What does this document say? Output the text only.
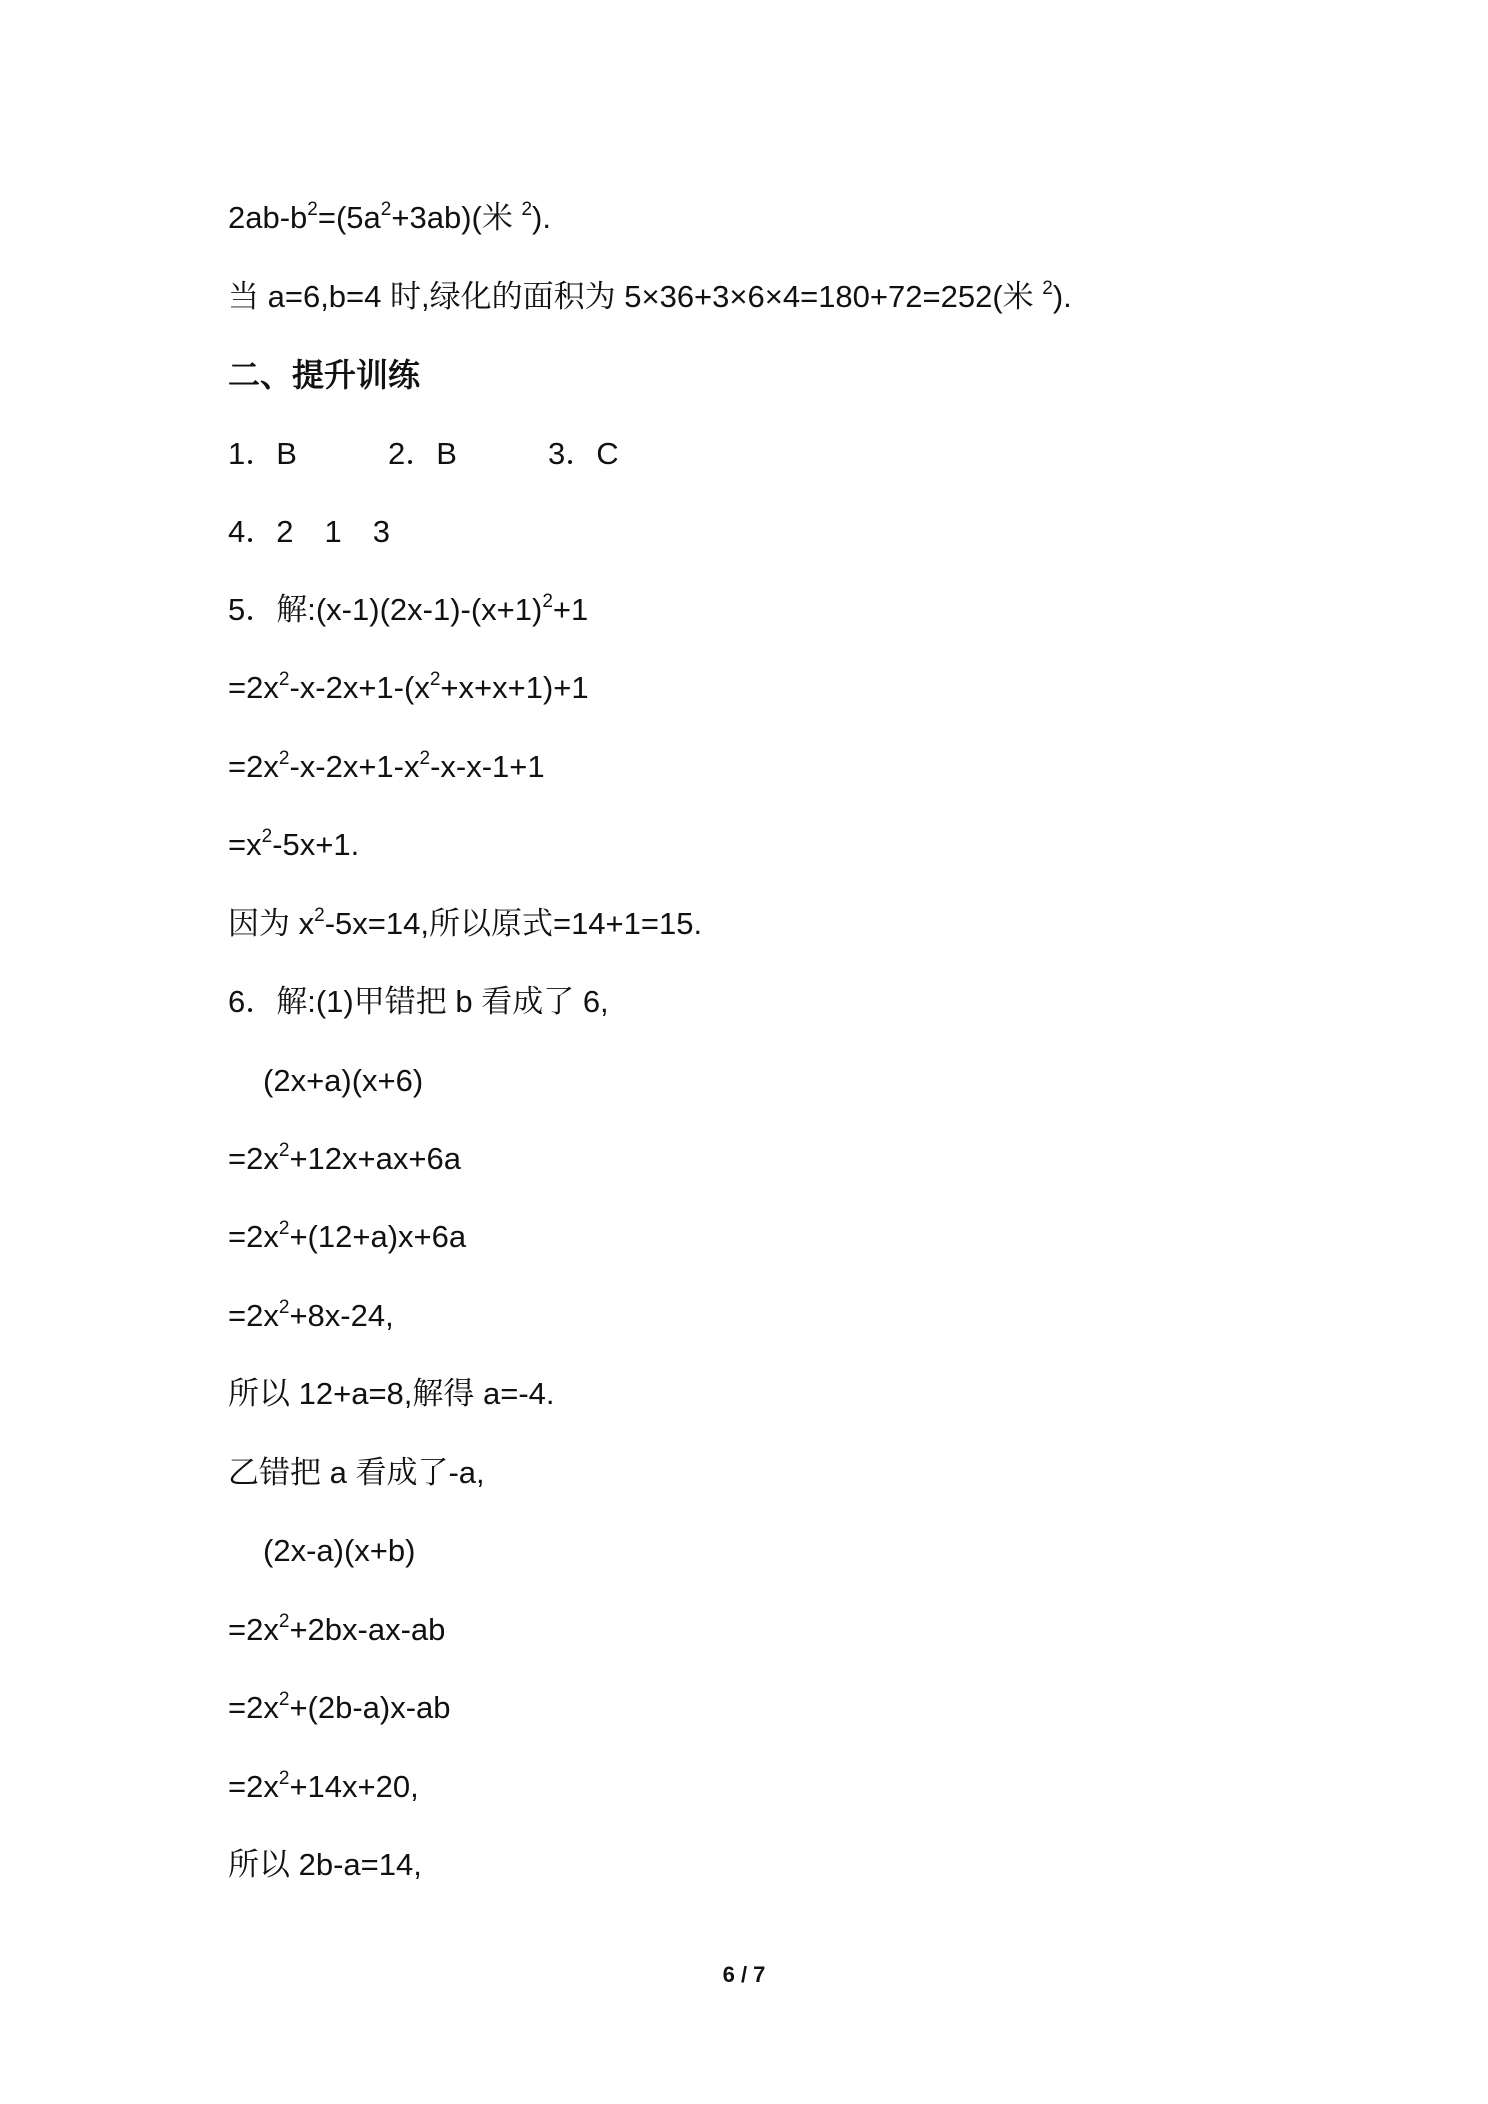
$2ab-b^2=(5a^2+3ab)$(米 $^2$).
当 a=6,b=4 时,绿化的面积为 5×36+3×6×4=180+72=252(米 $^2$).
二、提升训练
1．B	2．B	3．C
4．2　1　3
5．解$:(x-1)(2x-1)-(x+1)^2+1$
$=2x^2-x-2x+1-(x^2+x+x+1)+1$
$=2x^2-x-2x+1-x^2-x-x-1+1$
$=x^2-5x+1$.
因为 $x^2-5x=14$,所以原式=14+1=15.
6．解:(1)甲错把 b 看成了 6,
(2x+a)(x+6)
$=2x^2+12x+ax+6a$
$=2x^2+(12+a)x+6a$
$=2x^2+8x-24$,
所以 12+a=8,解得 a=-4.
乙错把 a 看成了-a,
(2x-a)(x+b)
$=2x^2+2bx-ax-ab$
$=2x^2+(2b-a)x-ab$
$=2x^2+14x+20$,
所以 2b-a=14,
6 / 7
